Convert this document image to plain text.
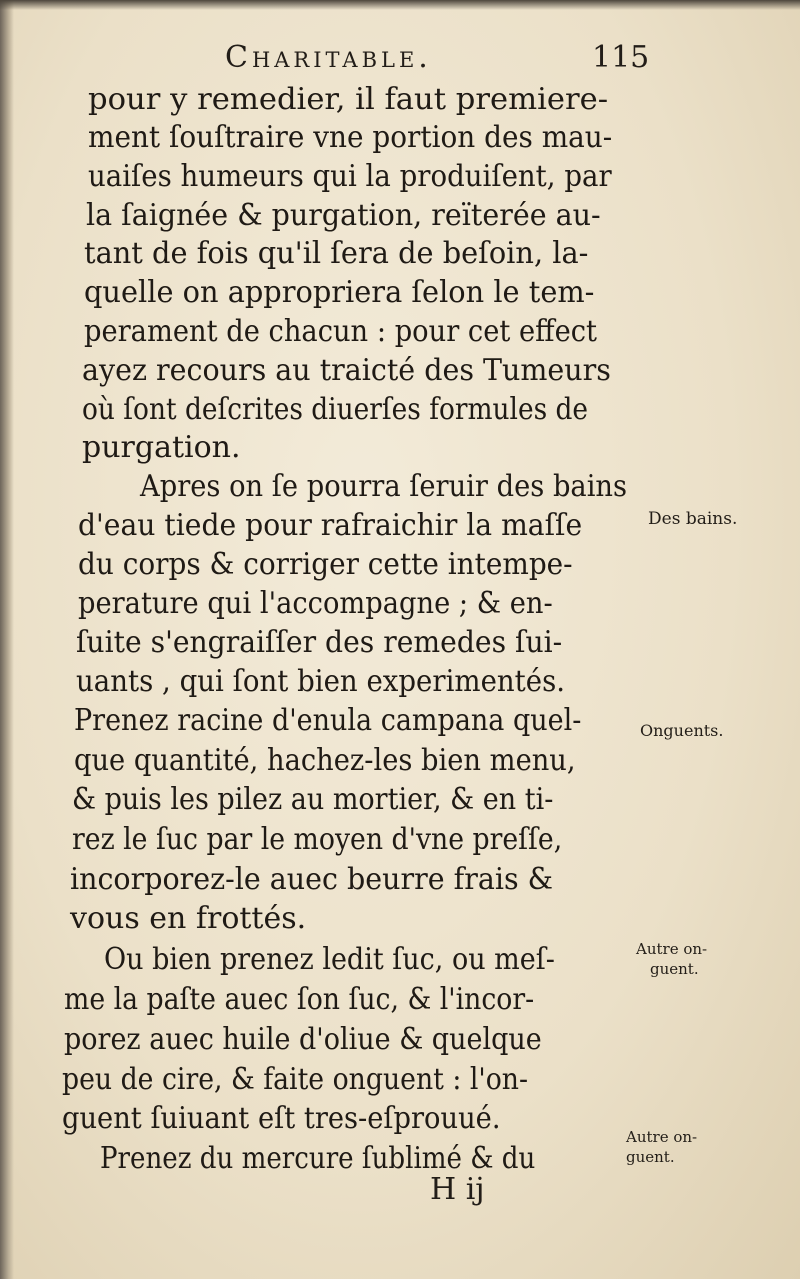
Charitable.	115
pour y remedier, il faut premiere-
ment ſouſtraire vne portion des mau-
uaiſes humeurs qui la produiſent, par
la ſaignée & purgation, reïterée au-
tant de fois qu'il ſera de beſoin, la-
quelle on appropriera ſelon le tem-
perament de chacun : pour cet effect
ayez recours au traicté des Tumeurs
où ſont deſcrites diuerſes formules de
purgation.
Apres on ſe pourra ſeruir des bains
d'eau tiede pour rafraichir la maſſe
du corps & corriger cette intempe-
perature qui l'accompagne ; & en-
ſuite s'engraiſſer des remedes ſui-
uants , qui ſont bien experimentés.
Prenez racine d'enula campana quel-
que quantité, hachez-les bien menu,
& puis les pilez au mortier, & en ti-
rez le ſuc par le moyen d'vne preſſe,
incorporez-le auec beurre frais &
vous en frottés.
Ou bien prenez ledit ſuc, ou meſ-
me la paſte auec ſon ſuc, & l'incor-
porez auec huile d'oliue & quelque
peu de cire, & faite onguent : l'on-
guent ſuiuant eſt tres-eſprouué.
Prenez du mercure ſublimé & du
Des bains.
Onguents.
Autre on-
guent.
Autre on-
guent.
H ij
